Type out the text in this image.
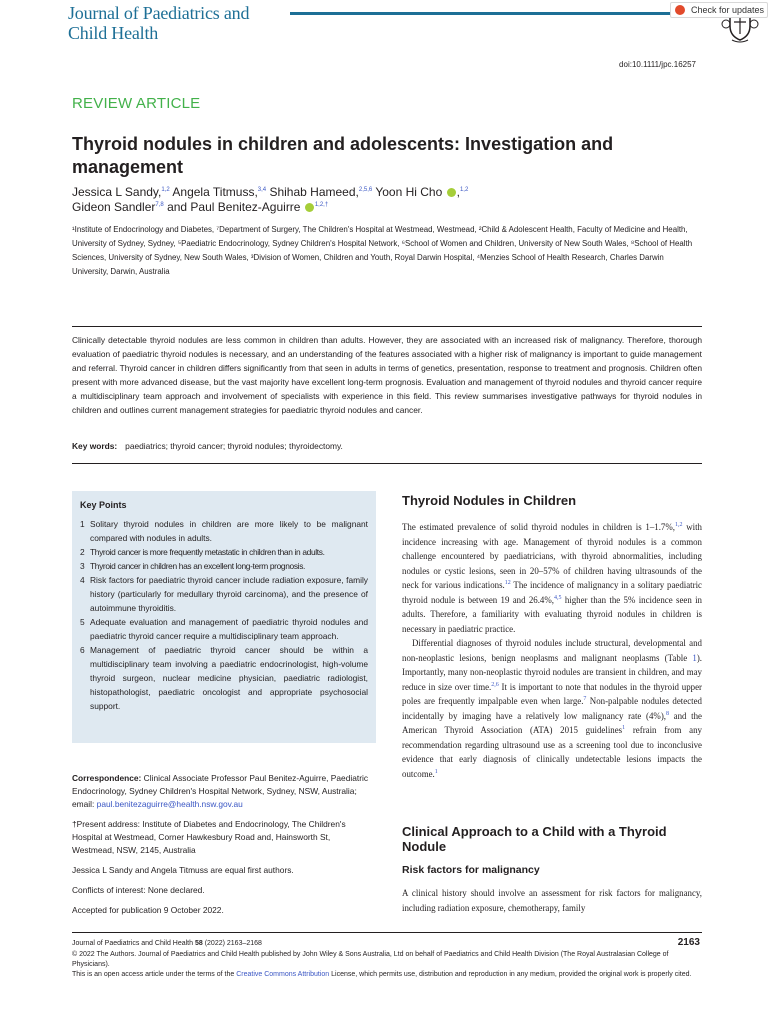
Journal of Paediatrics and
Child Health
Check for updates
doi:10.1111/jpc.16257
REVIEW ARTICLE
Thyroid nodules in children and adolescents: Investigation and management
Jessica L Sandy,$^{1,2}$ Angela Titmuss,$^{3,4}$ Shihab Hameed,$^{2,5,6}$ Yoon Hi Cho ,$^{1,2}$
Gideon Sandler$^{7,8}$ and Paul Benitez-Aguirre $^{1,2,\dagger}$
¹Institute of Endocrinology and Diabetes, ⁷Department of Surgery, The Children's Hospital at Westmead, Westmead, ²Child & Adolescent Health, Faculty of Medicine and Health, University of Sydney, Sydney, ⁵Paediatric Endocrinology, Sydney Children's Hospital Network, ⁶School of Women and Children, University of New South Wales, ⁸School of Health Sciences, University of Sydney, New South Wales, ³Division of Women, Children and Youth, Royal Darwin Hospital, ⁴Menzies School of Health Research, Charles Darwin University, Darwin, Australia
Clinically detectable thyroid nodules are less common in children than adults. However, they are associated with an increased risk of malignancy. Therefore, thorough evaluation of paediatric thyroid nodules is necessary, and an understanding of the features associated with a higher risk of malignancy is important to guide management and referral. Thyroid cancer in children differs significantly from that seen in adults in terms of genetics, presentation, response to treatment and prognosis. Children often present with more advanced disease, but the vast majority have excellent long-term prognosis. Evaluation and management of thyroid nodules and thyroid cancer require a multidisciplinary team approach and involvement of specialists with experience in this field. This review summarises investigative pathways for thyroid nodules in children and outlines current management strategies for paediatric thyroid nodules and cancer.
Key words: paediatrics; thyroid cancer; thyroid nodules; thyroidectomy.
Key Points
1 Solitary thyroid nodules in children are more likely to be malignant compared with nodules in adults.
2 Thyroid cancer is more frequently metastatic in children than in adults.
3 Thyroid cancer in children has an excellent long-term prognosis.
4 Risk factors for paediatric thyroid cancer include radiation exposure, family history (particularly for medullary thyroid carcinoma), and the presence of autoimmune thyroiditis.
5 Adequate evaluation and management of paediatric thyroid nodules and paediatric thyroid cancer require a multidisciplinary team approach.
6 Management of paediatric thyroid cancer should be within a multidisciplinary team involving a paediatric endocrinologist, high-volume thyroid surgeon, nuclear medicine physician, paediatric radiologist, histopathologist, paediatric oncologist and appropriate psychosocial support.
Correspondence: Clinical Associate Professor Paul Benitez-Aguirre, Paediatric Endocrinology, Sydney Children's Hospital Network, Sydney, NSW, Australia; email: paul.benitezaguirre@health.nsw.gov.au
†Present address: Institute of Diabetes and Endocrinology, The Children's Hospital at Westmead, Corner Hawkesbury Road and, Hainsworth St, Westmead, NSW, 2145, Australia
Jessica L Sandy and Angela Titmuss are equal first authors.
Conflicts of interest: None declared.
Accepted for publication 9 October 2022.
Thyroid Nodules in Children

The estimated prevalence of solid thyroid nodules in children is 1–1.7%,$^{1,2}$ with incidence increasing with age. Management of thyroid nodules is a common challenge encountered by paediatricians, with thyroid abnormalities, including nodules or cystic lesions, seen in 20–57% of children having ultrasounds of the neck for various indications.$^{12}$ The incidence of malignancy in a solitary paediatric thyroid nodule is between 19 and 26.4%,$^{4,5}$ higher than the 5% incidence seen in adults. Therefore, a familiarity with evaluating thyroid nodules in children is necessary in paediatric practice.

Differential diagnoses of thyroid nodules include structural, developmental and non-neoplastic lesions, benign neoplasms and malignant neoplasms (Table 1). Importantly, many non-neoplastic thyroid nodules are transient in children, and may reduce in size over time.$^{2,6}$ It is important to note that nodules in the thyroid upper poles are frequently impalpable even when large.$^7$ Non-palpable nodules detected incidentally by imaging have a relatively low malignancy rate (4%),$^8$ and the American Thyroid Association (ATA) 2015 guidelines$^1$ refrain from any recommendation regarding ultrasound use as a screening tool due to inconclusive evidence that early diagnosis of clinically undetectable lesions impacts the outcome.$^1$

Clinical Approach to a Child with a Thyroid Nodule
Risk factors for malignancy
A clinical history should involve an assessment for risk factors for malignancy, including radiation exposure, chemotherapy, family
Journal of Paediatrics and Child Health 58 (2022) 2163–2168	2163
© 2022 The Authors. Journal of Paediatrics and Child Health published by John Wiley & Sons Australia, Ltd on behalf of Paediatrics and Child Health Division (The Royal Australasian College of Physicians).
This is an open access article under the terms of the Creative Commons Attribution License, which permits use, distribution and reproduction in any medium, provided the original work is properly cited.
